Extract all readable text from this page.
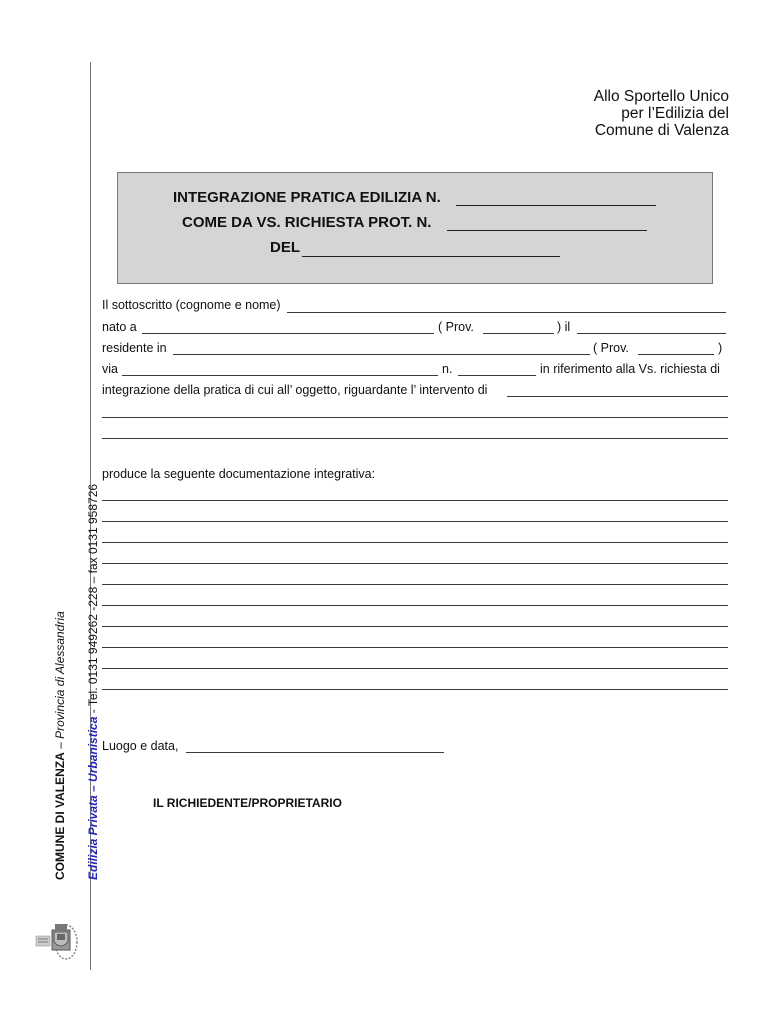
COMUNE DI VALENZA – Provincia di Alessandria
Edilizia Privata – Urbanistica - Tel. 0131 949262 -228 – fax 0131 958726
Allo Sportello Unico
per l’Edilizia del
Comune di Valenza
INTEGRAZIONE PRATICA EDILIZIA N.
COME DA VS. RICHIESTA PROT. N.
DEL
Il sottoscritto (cognome e nome)
nato a	( Prov.	) il
residente in	( Prov.	)
via	n.	in riferimento alla Vs. richiesta di
integrazione della pratica di cui all’ oggetto, riguardante l’ intervento di
produce la seguente documentazione integrativa:
Luogo e data,
IL RICHIEDENTE/PROPRIETARIO
